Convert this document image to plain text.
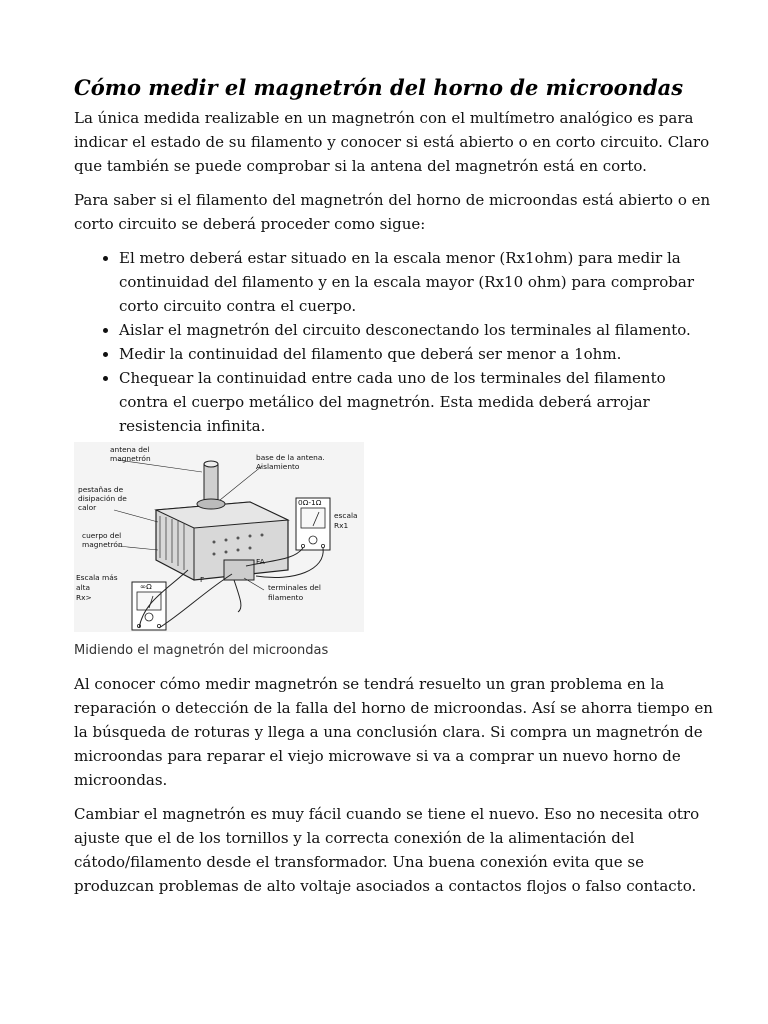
Cómo medir el magnetrón del horno de microondas

La única medida realizable en un magnetrón con el multímetro analógico es para indicar el estado de su filamento y conocer si está abierto o en corto circuito. Claro que también se puede comprobar si la antena del magnetrón está en corto.

Para saber si el filamento del magnetrón del horno de microondas está abierto o en corto circuito se deberá proceder como sigue:

• El metro deberá estar situado en la escala menor (Rx1ohm) para medir la continuidad del filamento y en la escala mayor (Rx10 ohm) para comprobar corto circuito contra el cuerpo.
• Aislar el magnetrón del circuito desconectando los terminales al filamento.
• Medir la continuidad del filamento que deberá ser menor a 1ohm.
• Chequear la continuidad entre cada uno de los terminales del filamento contra el cuerpo metálico del magnetrón. Esta medida deberá arrojar resistencia infinita.
antena del
magnetrón	base de la antena.
Aislamiento
pestañas de
disipación de
calor
cuerpo del
magnetrón
Escala más
alta
Rx>
terminales del
filamento
0Ω-1Ω
escala
Rx1
∞Ω
F
FA
Midiendo el magnetrón del microondas

Al conocer cómo medir magnetrón se tendrá resuelto un gran problema en la reparación o detección de la falla del horno de microondas. Así se ahorra tiempo en la búsqueda de roturas y llega a una conclusión clara. Si compra un magnetrón de microondas para reparar el viejo microwave si va a comprar un nuevo horno de microondas.

Cambiar el magnetrón es muy fácil cuando se tiene el nuevo. Eso no necesita otro ajuste que el de los tornillos y la correcta conexión de la alimentación del cátodo/filamento desde el transformador. Una buena conexión evita que se produzcan problemas de alto voltaje asociados a contactos flojos o falso contacto.
